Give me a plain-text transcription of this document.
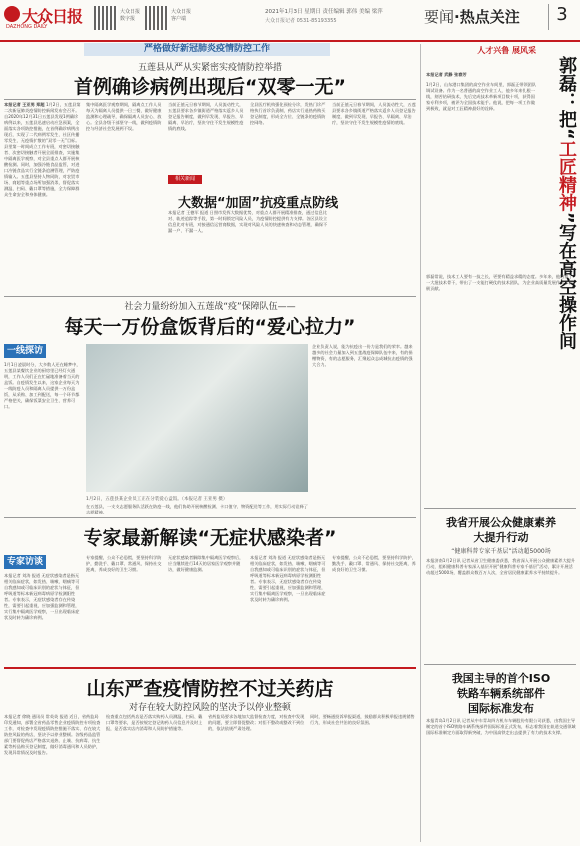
大众日报
DAZHONG DAILY
大众日报 数字报
大众日报 客户端
2021年1月3日 星期日 责任编辑 郭伟 美编 梁萍
大众日报记者 0531-85193355	要闻·热点关注	3
严格做好新冠肺炎疫情防控工作
五莲县从严从实紧密实疫情防控举措
首例确诊病例出现后“双零一无”
本报记者 王亚男 郑超 1月2日，五莲县第二次新冠肺炎疫情防控新闻发布会召开。自2020年12月31日五莲县发现1例确诊病例以来，五莲县迅速启动应急预案，全面落实各项防控措施，在首例确诊病例出现后，实现了二代病例零发生、社区传播零发生、无疫情扩散的“双零一无”目标。县里第一时间成立工作专班，对密切接触者、次密切接触者开展全面排查，实施集中隔离医学观察，对全县重点人群开展核酸检测。同时，加强冷链食品监管，对进口冷链食品实行全链条追溯管理，严防疫情输入。五莲县坚持人物同防，对农贸市场、商超等重点场所加强消杀，督促落实测温、扫码、戴口罩等措施，全力保障群众生命安全和身体健康。
集中隔离医学观察期间，隔离点工作人员每天为隔离人员提供一日三餐，做好健康监测和心理疏导，确保隔离人员安心、放心。全县各级干部坚守一线，做到疫情防控与经济社会发展两不误。
当前正值元旦春节期间，人员流动性大，五莲县要求各乡镇街道严格落实返乡人员登记报告制度，做到早发现、早报告、早隔离、早治疗，坚决守住不发生规模性疫情的底线。
全县医疗机构强化预检分诊，发热门诊严格执行首诊负责制，药店实行退热药购买登记制度，形成全方位、全链条的疫情防控网络。
当前正值元旦春节期间，人员流动性大，五莲县要求各乡镇街道严格落实返乡人员登记报告制度，做到早发现、早报告、早隔离、早治疗，坚决守住不发生规模性疫情的底线。
相关新闻
大数据“加固”抗疫重点防线
本报记者 王德军 报道 日照市发挥大数据优势，对重点人群开展精准排查，通过信息比对、轨迹追踪等手段，第一时间锁定风险人员，为疫情防控提供有力支撑。各区县设立信息比对专班，对接通信运营商数据，实现对风险人员的快速核查和动态管理，确保不漏一户、不漏一人。
社会力量纷纷加入五莲战“疫”保障队伍——
每天一万份盒饭背后的“爱心拉力”
一线探访
1月1日凌晨时分，大多数人还在睡梦中，五莲县某餐饮企业的厨房里已经灯火通明，工作人员们正在忙碌地准备着当天的盒饭。自疫情发生以来，这家企业每天为一线防疫人员和隔离人员提供一万份盒饭，从采购、加工到配送，每一个环节都严格把关，确保饭菜安全卫生、营养可口。
1月2日，五莲县某企业员工正在分装爱心盒饭。（本报记者 王亚男 摄）
企业负责人说，能为抗疫出一份力是我们的荣幸。越来越多的社会力量加入到五莲战疫保障队伍中来，有的捐赠物资，有的志愿服务，汇聚起众志成城抗击疫情的强大合力。
在五莲县，一支支志愿服务队活跃在防疫一线，他们协助开展核酸检测、卡口值守、物资配送等工作，用实际行动诠释了志愿精神。
专家最新解读“无症状感染者”
专家访谈
本报记者 刘涛 报道 无症状感染者是指无相关临床症状，如发热、咳嗽、咽痛等可自我感知或可临床识别的症状与体征，但呼吸道等标本新冠病毒病原学检测阳性者。专家表示，无症状感染者存在传染性，需要引起重视，应加强监测和管理，实行集中隔离医学观察，一旦出现临床症状及时转为确诊病例。
专家提醒，公众不必恐慌，要坚持科学防护，勤洗手、戴口罩、常通风、保持社交距离，养成良好的卫生习惯。
无症状感染者解除集中隔离医学观察后，应当继续进行14天的居家医学观察并随访，做好健康监测。
本报记者 刘涛 报道 无症状感染者是指无相关临床症状，如发热、咳嗽、咽痛等可自我感知或可临床识别的症状与体征，但呼吸道等标本新冠病毒病原学检测阳性者。专家表示，无症状感染者存在传染性，需要引起重视，应加强监测和管理，实行集中隔离医学观察，一旦出现临床症状及时转为确诊病例。
专家提醒，公众不必恐慌，要坚持科学防护，勤洗手、戴口罩、常通风、保持社交距离，养成良好的卫生习惯。
山东严查疫情防控不过关药店
对存在较大防控风险的坚决予以停业整顿
本报记者 徐晓 通讯员 常英英 报道 近日，省药监局印发通知，部署全省药品零售企业疫情防控专项检查工作，对检查中发现疫情防控措施不落实、存在较大防控风险的药店，坚决予以停业整顿。各级药品监管部门要督促药店严格落实退热、止咳、抗病毒、抗生素等药品购买登记制度，做好消毒通风和人员防护，发现异常情况及时报告。
检查重点包括药店是否落实购药人员测温、扫码、戴口罩等要求，是否按规定登记购药人员信息并及时上报，是否落实店内消毒和人员防护措施等。
省药监局要求各地加大监督检查力度，对检查中发现的问题，要立即督促整改；对拒不整改或整改不到位的，依法依规严肃处理。
同时，要畅通投诉举报渠道，鼓励群众积极举报违规销售行为，形成社会共治的良好氛围。
人才兴鲁 展风采
郭磊：把“工匠精神”写在高空操作间
本报记者 武静 张春芳
1月2日，山东港口集团的高空作业车间里，郭磊正带领团队调试设备。作为一名普通的高空作业工人，他多年来扎根一线，刻苦钻研技术，先后完成技术革新项目数十项，获得国家专利多项，被评为全国技术能手。他说，把每一项工作做到极致，就是对工匠精神最好的诠释。
郭磊常说，技术工人要有一技之长，更要有精益求精的态度。多年来，他培养了一大批技术骨干，带出了一支能打硬仗的技术团队，为企业高质量发展作出了积极贡献。
我省开展公众健康素养
大提升行动
“健康科普专家千基层”活动超5000场
本报济南1月2日讯 记者从省卫生健康委获悉，我省深入开展公众健康素养大提升行动，组织健康科普专家深入基层开展“健康科普专家千基层”活动，累计开展活动超过5000场，覆盖群众数百万人次，全省居民健康素养水平持续提升。
我国主导的首个ISO
铁路车辆系统部件
国际标准发布
本报青岛1月2日讯 记者从中车青岛四方机车车辆股份有限公司获悉，由我国主导制定的首个ISO铁路车辆系统部件国际标准正式发布，标志着我国在轨道交通领域国际标准制定方面取得新突破，为中国高铁走出去提供了有力的技术支撑。
